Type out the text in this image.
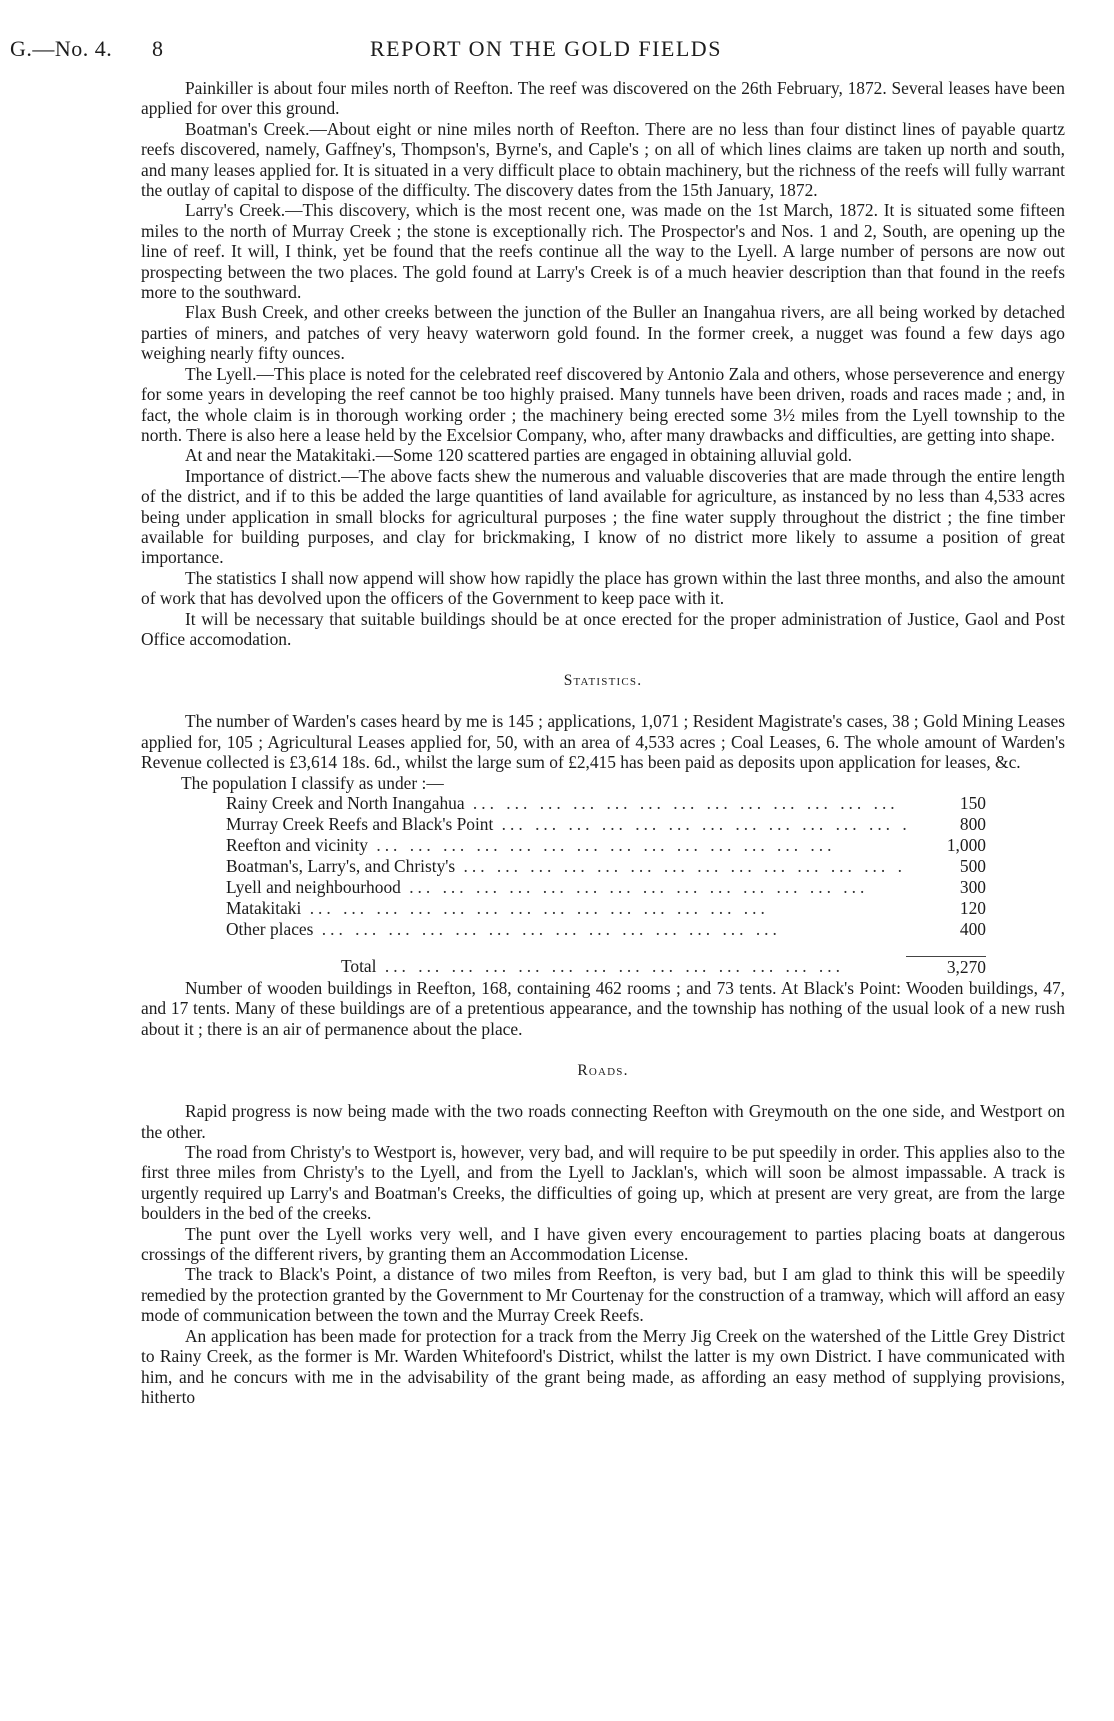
G.—No. 4. 8	REPORT ON THE GOLD FIELDS

Painkiller is about four miles north of Reefton. The reef was discovered on the 26th February, 1872. Several leases have been applied for over this ground.

Boatman's Creek.—About eight or nine miles north of Reefton. There are no less than four distinct lines of payable quartz reefs discovered, namely, Gaffney's, Thompson's, Byrne's, and Caple's ; on all of which lines claims are taken up north and south, and many leases applied for. It is situated in a very difficult place to obtain machinery, but the richness of the reefs will fully warrant the outlay of capital to dispose of the difficulty. The discovery dates from the 15th January, 1872.

Larry's Creek.—This discovery, which is the most recent one, was made on the 1st March, 1872. It is situated some fifteen miles to the north of Murray Creek ; the stone is exceptionally rich. The Prospector's and Nos. 1 and 2, South, are opening up the line of reef. It will, I think, yet be found that the reefs continue all the way to the Lyell. A large number of persons are now out prospecting between the two places. The gold found at Larry's Creek is of a much heavier description than that found in the reefs more to the southward.

Flax Bush Creek, and other creeks between the junction of the Buller an Inangahua rivers, are all being worked by detached parties of miners, and patches of very heavy waterworn gold found. In the former creek, a nugget was found a few days ago weighing nearly fifty ounces.

The Lyell.—This place is noted for the celebrated reef discovered by Antonio Zala and others, whose perseverence and energy for some years in developing the reef cannot be too highly praised. Many tunnels have been driven, roads and races made ; and, in fact, the whole claim is in thorough working order ; the machinery being erected some 3½ miles from the Lyell township to the north. There is also here a lease held by the Excelsior Company, who, after many drawbacks and difficulties, are getting into shape.

At and near the Matakitaki.—Some 120 scattered parties are engaged in obtaining alluvial gold.

Importance of district.—The above facts shew the numerous and valuable discoveries that are made through the entire length of the district, and if to this be added the large quantities of land available for agriculture, as instanced by no less than 4,533 acres being under application in small blocks for agricultural purposes ; the fine water supply throughout the district ; the fine timber available for building purposes, and clay for brickmaking, I know of no district more likely to assume a position of great importance.

The statistics I shall now append will show how rapidly the place has grown within the last three months, and also the amount of work that has devolved upon the officers of the Government to keep pace with it.

It will be necessary that suitable buildings should be at once erected for the proper administration of Justice, Gaol and Post Office accomodation.

Statistics.

The number of Warden's cases heard by me is 145 ; applications, 1,071 ; Resident Magistrate's cases, 38 ; Gold Mining Leases applied for, 105 ; Agricultural Leases applied for, 50, with an area of 4,533 acres ; Coal Leases, 6. The whole amount of Warden's Revenue collected is £3,614 18s. 6d., whilst the large sum of £2,415 has been paid as deposits upon application for leases, &c.

The population I classify as under :—

Rainy Creek and North Inangahua ... .	150
Murray Creek Reefs and Black's Point ... .	800
Reefton and vicinity ... .	1,000
Boatman's, Larry's, and Christy's ... .	500
Lyell and neighbourhood ... .	300
Matakitaki ... .	120
Other places ... .	400
Total ... .	3,270

Number of wooden buildings in Reefton, 168, containing 462 rooms ; and 73 tents. At Black's Point: Wooden buildings, 47, and 17 tents. Many of these buildings are of a pretentious appearance, and the township has nothing of the usual look of a new rush about it ; there is an air of permanence about the place.

Roads.

Rapid progress is now being made with the two roads connecting Reefton with Greymouth on the one side, and Westport on the other.

The road from Christy's to Westport is, however, very bad, and will require to be put speedily in order. This applies also to the first three miles from Christy's to the Lyell, and from the Lyell to Jacklan's, which will soon be almost impassable. A track is urgently required up Larry's and Boatman's Creeks, the difficulties of going up, which at present are very great, are from the large boulders in the bed of the creeks.

The punt over the Lyell works very well, and I have given every encouragement to parties placing boats at dangerous crossings of the different rivers, by granting them an Accommodation License.

The track to Black's Point, a distance of two miles from Reefton, is very bad, but I am glad to think this will be speedily remedied by the protection granted by the Government to Mr Courtenay for the construction of a tramway, which will afford an easy mode of communication between the town and the Murray Creek Reefs.

An application has been made for protection for a track from the Merry Jig Creek on the watershed of the Little Grey District to Rainy Creek, as the former is Mr. Warden Whitefoord's District, whilst the latter is my own District. I have communicated with him, and he concurs with me in the advisability of the grant being made, as affording an easy method of supplying provisions, hitherto
